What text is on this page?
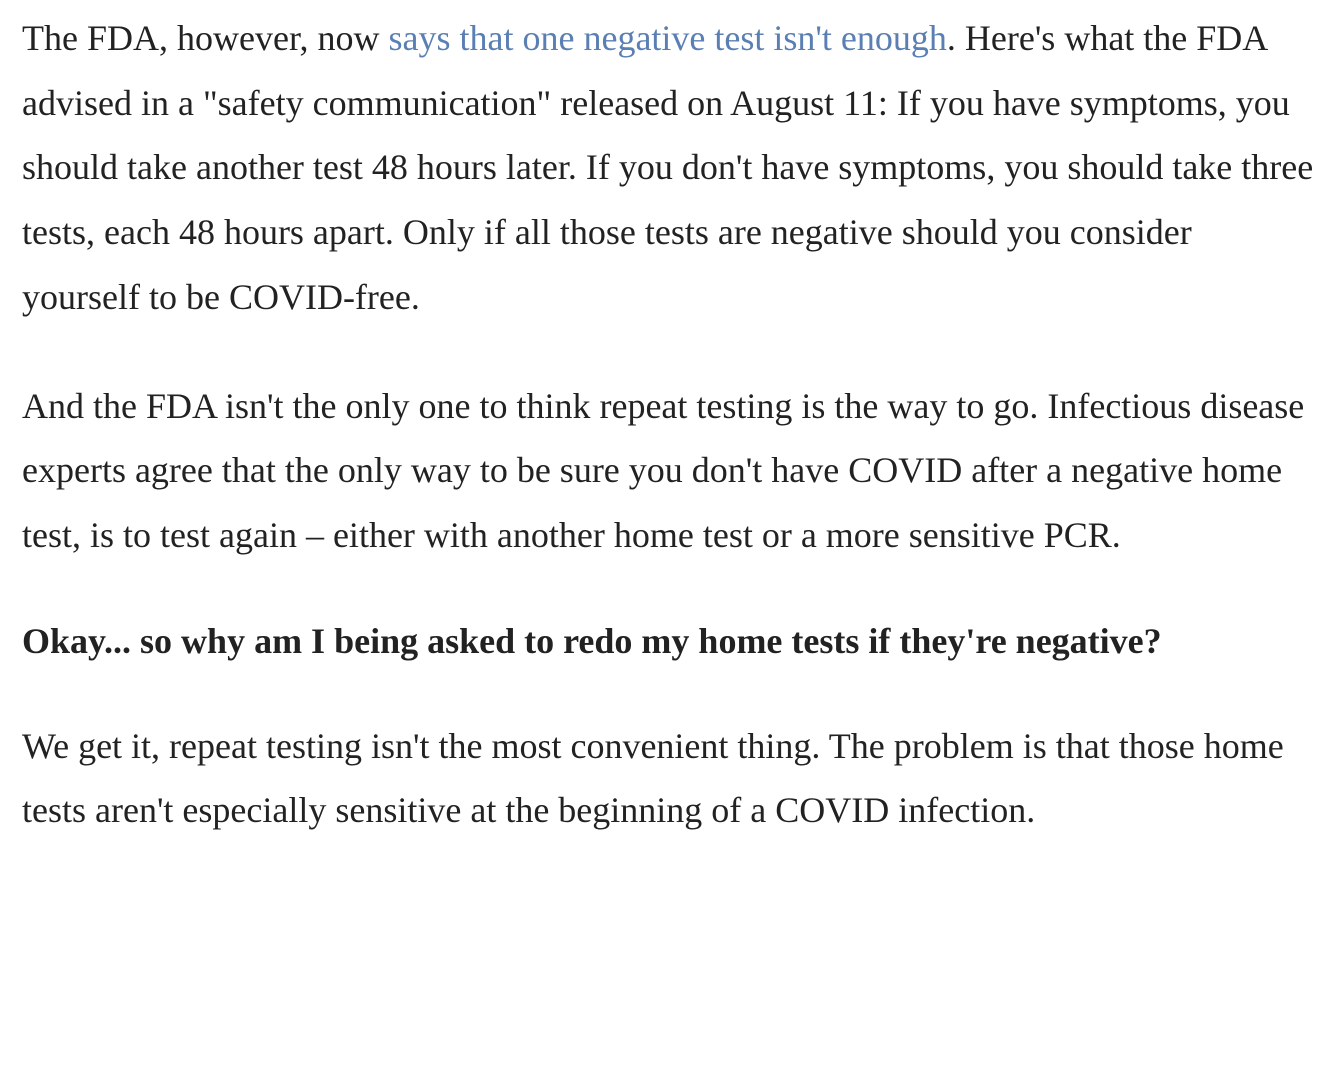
The FDA, however, now says that one negative test isn't enough. Here's what the FDA advised in a "safety communication" released on August 11: If you have symptoms, you should take another test 48 hours later. If you don't have symptoms, you should take three tests, each 48 hours apart. Only if all those tests are negative should you consider yourself to be COVID-free.

And the FDA isn't the only one to think repeat testing is the way to go. Infectious disease experts agree that the only way to be sure you don't have COVID after a negative home test, is to test again – either with another home test or a more sensitive PCR.

Okay... so why am I being asked to redo my home tests if they're negative?

We get it, repeat testing isn't the most convenient thing. The problem is that those home tests aren't especially sensitive at the beginning of a COVID infection.
